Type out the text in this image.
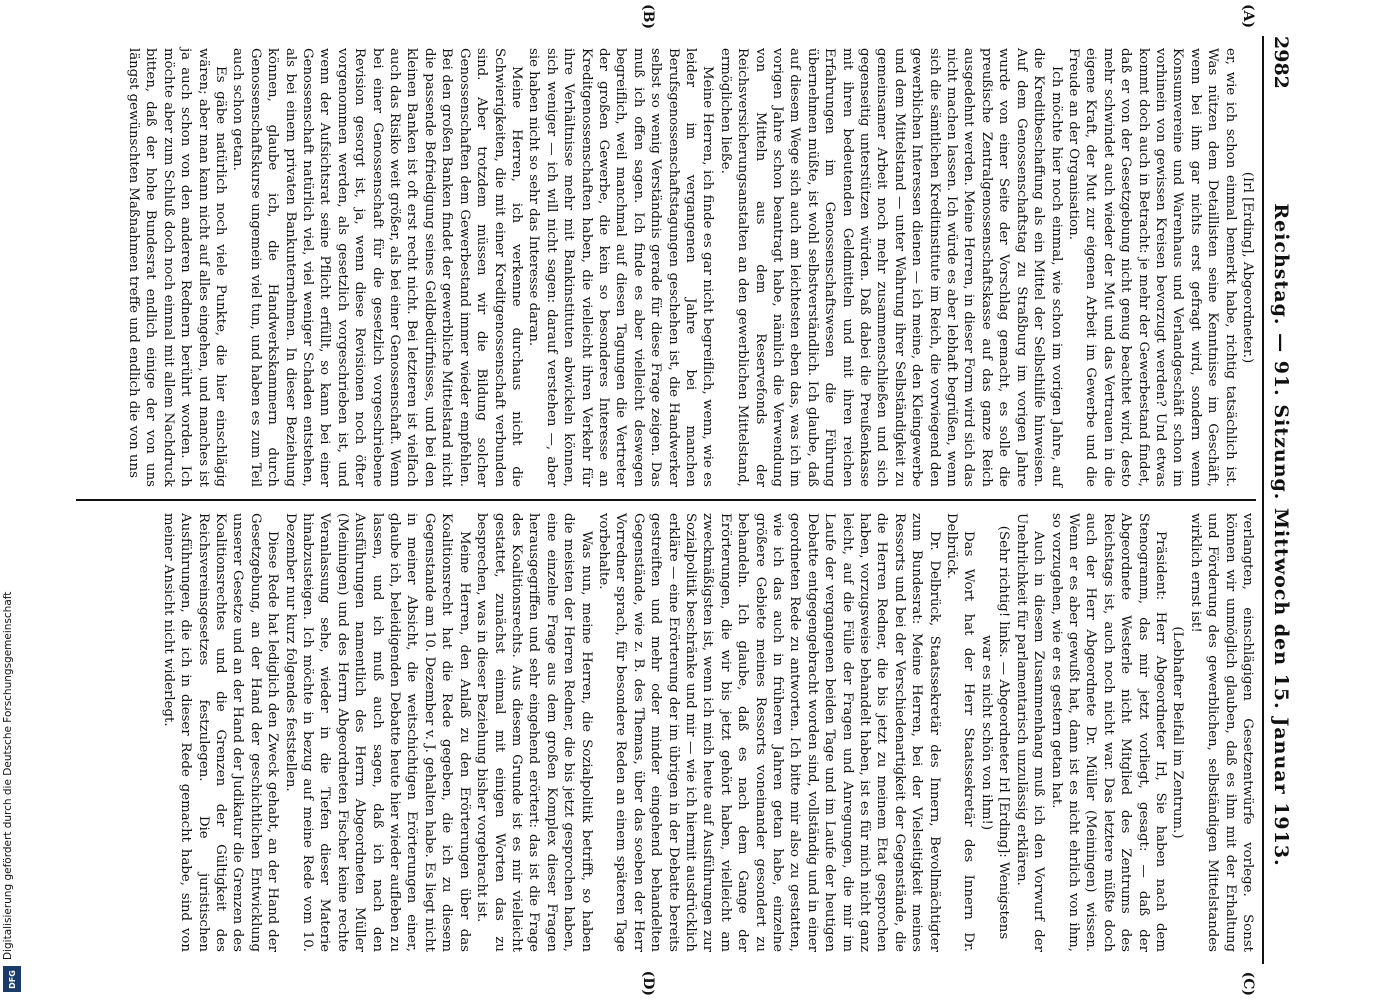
2982
Reichstag. — 91. Sitzung. Mittwoch den 15. Januar 1913.
(A)
(B)

(Irl [Erding], Abgeordneter.)

er, wie ich schon einmal bemerkt habe, richtig tatsächlich ist. Was nützen dem Detaillisten seine Kenntnisse im Geschäft, wenn bei ihm gar nichts erst gefragt wird, sondern wenn Konsumvereine und Warenhaus und Verlandgeschäft schon im vorhinein von gewissen Kreisen bevorzugt werden? Und etwas kommt doch auch in Betracht: je mehr der Gewerbestand findet, daß er von der Gesetzgebung nicht genug beachtet wird, desto mehr schwindet auch wieder der Mut und das Vertrauen in die eigene Kraft, der Mut zur eigenen Arbeit im Gewerbe und die Freude an der Organisation.

Ich möchte hier noch einmal, wie schon im vorigen Jahre, auf die Kreditbeschaffung als ein Mittel der Selbsthilfe hinweisen. Auf dem Genossenschaftstag zu Straßburg im vorigen Jahre wurde von einer Seite der Vorschlag gemacht, es solle die preußische Zentralgenossenschaftskasse auf das ganze Reich ausgedehnt werden. Meine Herren, in dieser Form wird sich das nicht machen lassen. Ich würde es aber lebhaft begrüßen, wenn sich die sämtlichen Kreditinstitute im Reich, die vorwiegend den gewerblichen Interessen dienen — ich meine, den Kleingewerbe und dem Mittelstand — unter Wahrung ihrer Selbständigkeit zu gemeinsamer Arbeit noch mehr zusammenschließen und sich gegenseitig unterstützen würden. Daß dabei die Preußenkasse mit ihren bedeutenden Geldmitteln und mit ihren reichen Erfahrungen im Genossenschaftswesen die Führung übernehmen müßte, ist wohl selbstverständlich. Ich glaube, daß auf diesem Wege sich auch am leichtesten eben das, was ich im vorigen Jahre schon beantragt habe, nämlich die Verwendung von Mitteln aus dem Reservefonds der Reichsversicherungsanstalten an den gewerblichen Mittelstand, ermöglichen ließe.

Meine Herren, ich finde es gar nicht begreiflich, wenn, wie es leider im vergangenen Jahre bei manchen Berufsgenossenschaftstagungen geschehen ist, die Handwerker selbst so wenig Verständnis gerade für diese Frage zeigen. Das muß ich offen sagen. Ich finde es aber vielleicht deswegen begreiflich, weil manchmal auf diesen Tagungen die Vertreter der großen Gewerbe, die kein so besonderes Interesse an Kreditgenossenschaften haben, die vielleicht ihren Verkehr für ihre Verhältnisse mehr mit Bankinstituten abwickeln können, sich weniger — ich will nicht sagen: darauf verstehen —, aber sie haben nicht so sehr das Interesse daran.

Meine Herren, ich verkenne durchaus nicht die Schwierigkeiten, die mit einer Kreditgenossenschaft verbunden sind. Aber trotzdem müssen wir die Bildung solcher Genossenschaften dem Gewerbestand immer wieder empfehlen. Bei den großen Banken findet der gewerbliche Mittelstand nicht die passende Befriedigung seines Geldbedürfnisses, und bei den kleinen Banken ist oft erst recht nicht. Bei letzteren ist vielfach auch das Risiko weit größer, als bei einer Genossenschaft. Wenn bei einer Genossenschaft für die gesetzlich vorgeschriebene Revision gesorgt ist, ja, wenn diese Revisionen noch öfter vorgenommen werden, als gesetzlich vorgeschrieben ist, und wenn der Aufsichtsrat seine Pflicht erfüllt, so kann bei einer Genossenschaft natürlich viel, viel weniger Schaden entstehen, als bei einem privaten Bankunternehmen. In dieser Beziehung können, glaube ich, die Handwerkskammern durch Genossenschaftskurse ungemein viel tun, und haben es zum Teil auch schon getan.

Es gäbe natürlich noch viele Punkte, die hier einschlägig wären; aber man kann nicht auf alles eingehen, und manches ist ja auch schon von den anderen Rednern berührt worden. Ich möchte aber zum Schluß doch noch einmal mit allem Nachdruck bitten, daß der hohe Bundesrat endlich einige der von uns längst gewünschten Maßnahmen treffe und endlich die von uns

(C)
(D)

verlangten, einschlägigen Gesetzentwürfe vorlege. Sonst können wir unmöglich glauben, daß es ihm mit der Erhaltung und Förderung des gewerblichen, selbständigen Mittelstandes wirklich ernst ist!

(Lebhafter Beifall im Zentrum.)

Präsident: Herr Abgeordneter Irl, Sie haben nach dem Stenogramm, das mir jetzt vorliegt, gesagt: — daß der Abgeordnete Westerle nicht Mitglied des Zentrums des Reichstags ist, auch noch nicht war. Das letztere müßte doch auch der Herr Abgeordnete Dr. Müller (Meiningen) wissen. Wenn er es aber gewußt hat, dann ist es nicht ehrlich von ihm, so vorzugehen, wie er es gestern getan hat.

Auch in diesem Zusammenhang muß ich den Vorwurf der Unehrlichkeit für parlamentarisch unzulässig erklären.

(Sehr richtig! links. — Abgeordneter Irl [Erding]: Wenigstens war es nicht schön von ihm!)

Das Wort hat der Herr Staatssekretär des Innern Dr. Delbrück.

Dr. Delbrück, Staatssekretär des Innern, Bevollmächtigter zum Bundesrat: Meine Herren, bei der Vielseitigkeit meines Ressorts und bei der Verschiedenartigkeit der Gegenstände, die die Herren Redner, die bis jetzt zu meinem Etat gesprochen haben, vorzugsweise behandelt haben, ist es für mich nicht ganz leicht, auf die Fülle der Fragen und Anregungen, die mir im Laufe der vergangenen beiden Tage und im Laufe der heutigen Debatte entgegengebracht worden sind, vollständig und in einer geordneten Rede zu antworten. Ich bitte mir also zu gestatten, wie ich das auch in früheren Jahren getan habe, einzelne größere Gebiete meines Ressorts voneinander gesondert zu behandeln. Ich glaube, daß es nach dem Gange der Erörterungen, die wir bis jetzt gehört haben, vielleicht am zweckmäßigsten ist, wenn ich mich heute auf Ausführungen zur Sozialpolitik beschränke und mir — wie ich hiermit ausdrücklich erkläre — eine Erörterung der im übrigen in der Debatte bereits gestreiften und mehr oder minder eingehend behandelten Gegenstände, wie z. B. des Themas, über das soeben der Herr Vorredner sprach, für besondere Reden an einem späteren Tage vorbehalte.

Was nun, meine Herren, die Sozialpolitik betrifft, so haben die meisten der Herren Redner, die bis jetzt gesprochen haben, eine einzelne Frage aus dem großen Komplex dieser Fragen herausgegriffen und sehr eingehend erörtert: das ist die Frage des Koalitionsrechts. Aus diesem Grunde ist es mir vielleicht gestattet, zunächst einmal mit einigen Worten das zu besprechen, was in dieser Beziehung bisher vorgebracht ist.

Meine Herren, den Anlaß zu den Erörterungen über das Koalitionsrecht hat die Rede gegeben, die ich zu diesem Gegenstande am 10. Dezember v. J. gehalten habe. Es liegt nicht in meiner Absicht, die weitschichtigen Erörterungen einer, glaube ich, beleidigenden Debatte heute hier wieder aufleben zu lassen, und ich muß auch sagen, daß ich nach den Ausführungen namentlich des Herrn Abgeordneten Müller (Meiningen) und des Herrn Abgeordneten Fischer keine rechte Veranlassung sehe, wieder in die Tiefen dieser Materie hinabzusteigen. Ich möchte in bezug auf meine Rede vom 10. Dezember nur kurz folgendes feststellen.

Diese Rede hat lediglich den Zweck gehabt, an der Hand der Gesetzgebung, an der Hand der geschichtlichen Entwicklung unserer Gesetze und an der Hand der Judikatur die Grenzen des Koalitionsrechtes und die Grenzen der Gültigkeit des Reichsvereinsgesetzes festzulegen. Die juristischen Ausführungen, die ich in dieser Rede gemacht habe, sind von meiner Ansicht nicht widerlegt.

Digitalisierung gefördert durch die Deutsche Forschungsgemeinschaft
DFG
